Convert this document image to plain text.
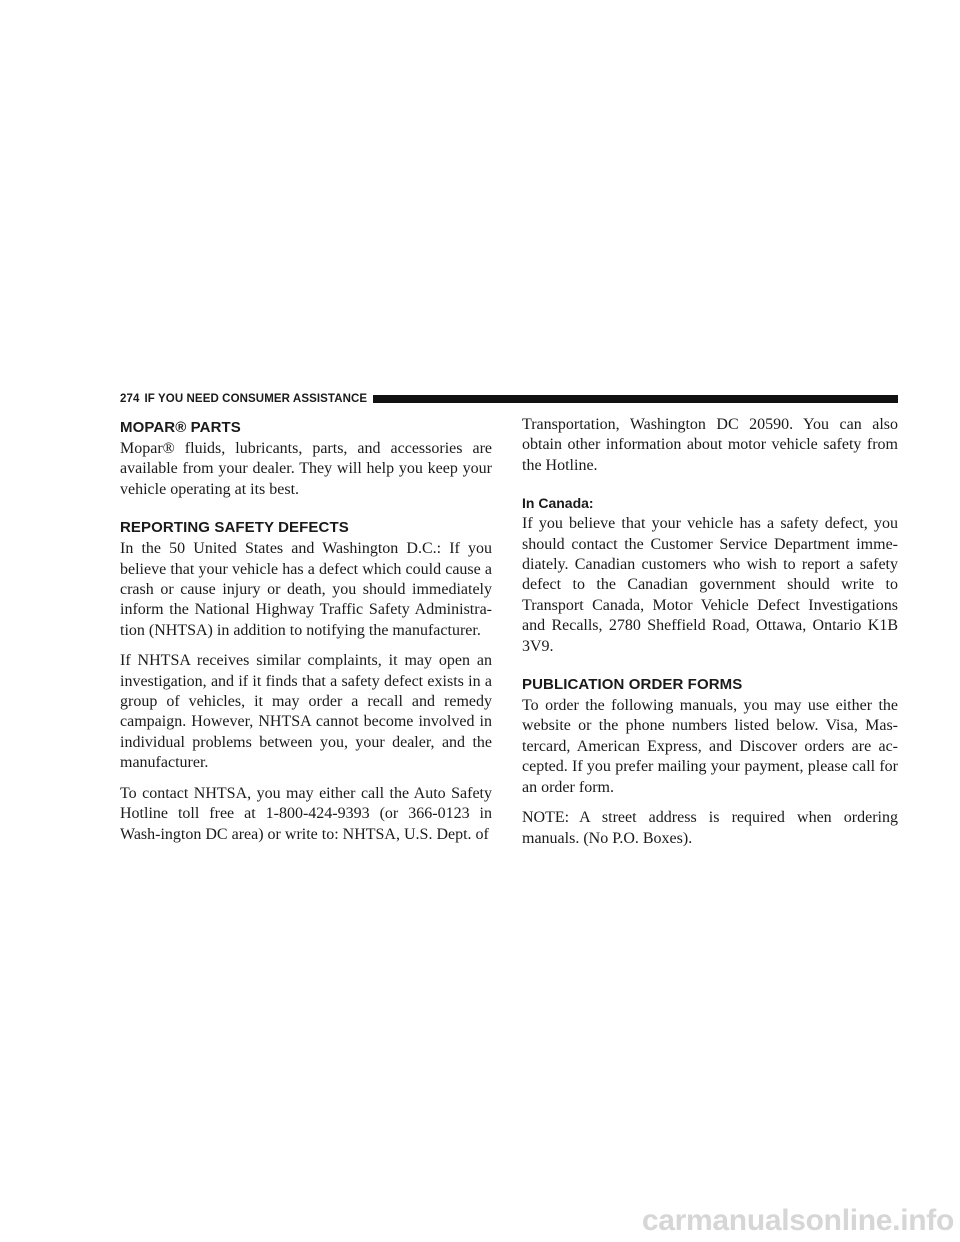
274 IF YOU NEED CONSUMER ASSISTANCE
MOPAR® PARTS

Mopar® fluids, lubricants, parts, and accessories are available from your dealer. They will help you keep your vehicle operating at its best.

REPORTING SAFETY DEFECTS

In the 50 United States and Washington D.C.: If you believe that your vehicle has a defect which could cause a crash or cause injury or death, you should immediately inform the National Highway Traffic Safety Administra-tion (NHTSA) in addition to notifying the manufacturer.

If NHTSA receives similar complaints, it may open an investigation, and if it finds that a safety defect exists in a group of vehicles, it may order a recall and remedy campaign. However, NHTSA cannot become involved in individual problems between you, your dealer, and the manufacturer.

To contact NHTSA, you may either call the Auto Safety Hotline toll free at 1-800-424-9393 (or 366-0123 in Wash-ington DC area) or write to: NHTSA, U.S. Dept. of

Transportation, Washington DC 20590. You can also obtain other information about motor vehicle safety from the Hotline.

In Canada:

If you believe that your vehicle has a safety defect, you should contact the Customer Service Department imme-diately. Canadian customers who wish to report a safety defect to the Canadian government should write to Transport Canada, Motor Vehicle Defect Investigations and Recalls, 2780 Sheffield Road, Ottawa, Ontario K1B 3V9.

PUBLICATION ORDER FORMS

To order the following manuals, you may use either the website or the phone numbers listed below. Visa, Mas-tercard, American Express, and Discover orders are ac-cepted. If you prefer mailing your payment, please call for an order form.

NOTE: A street address is required when ordering manuals. (No P.O. Boxes).

carmanualsonline.info
